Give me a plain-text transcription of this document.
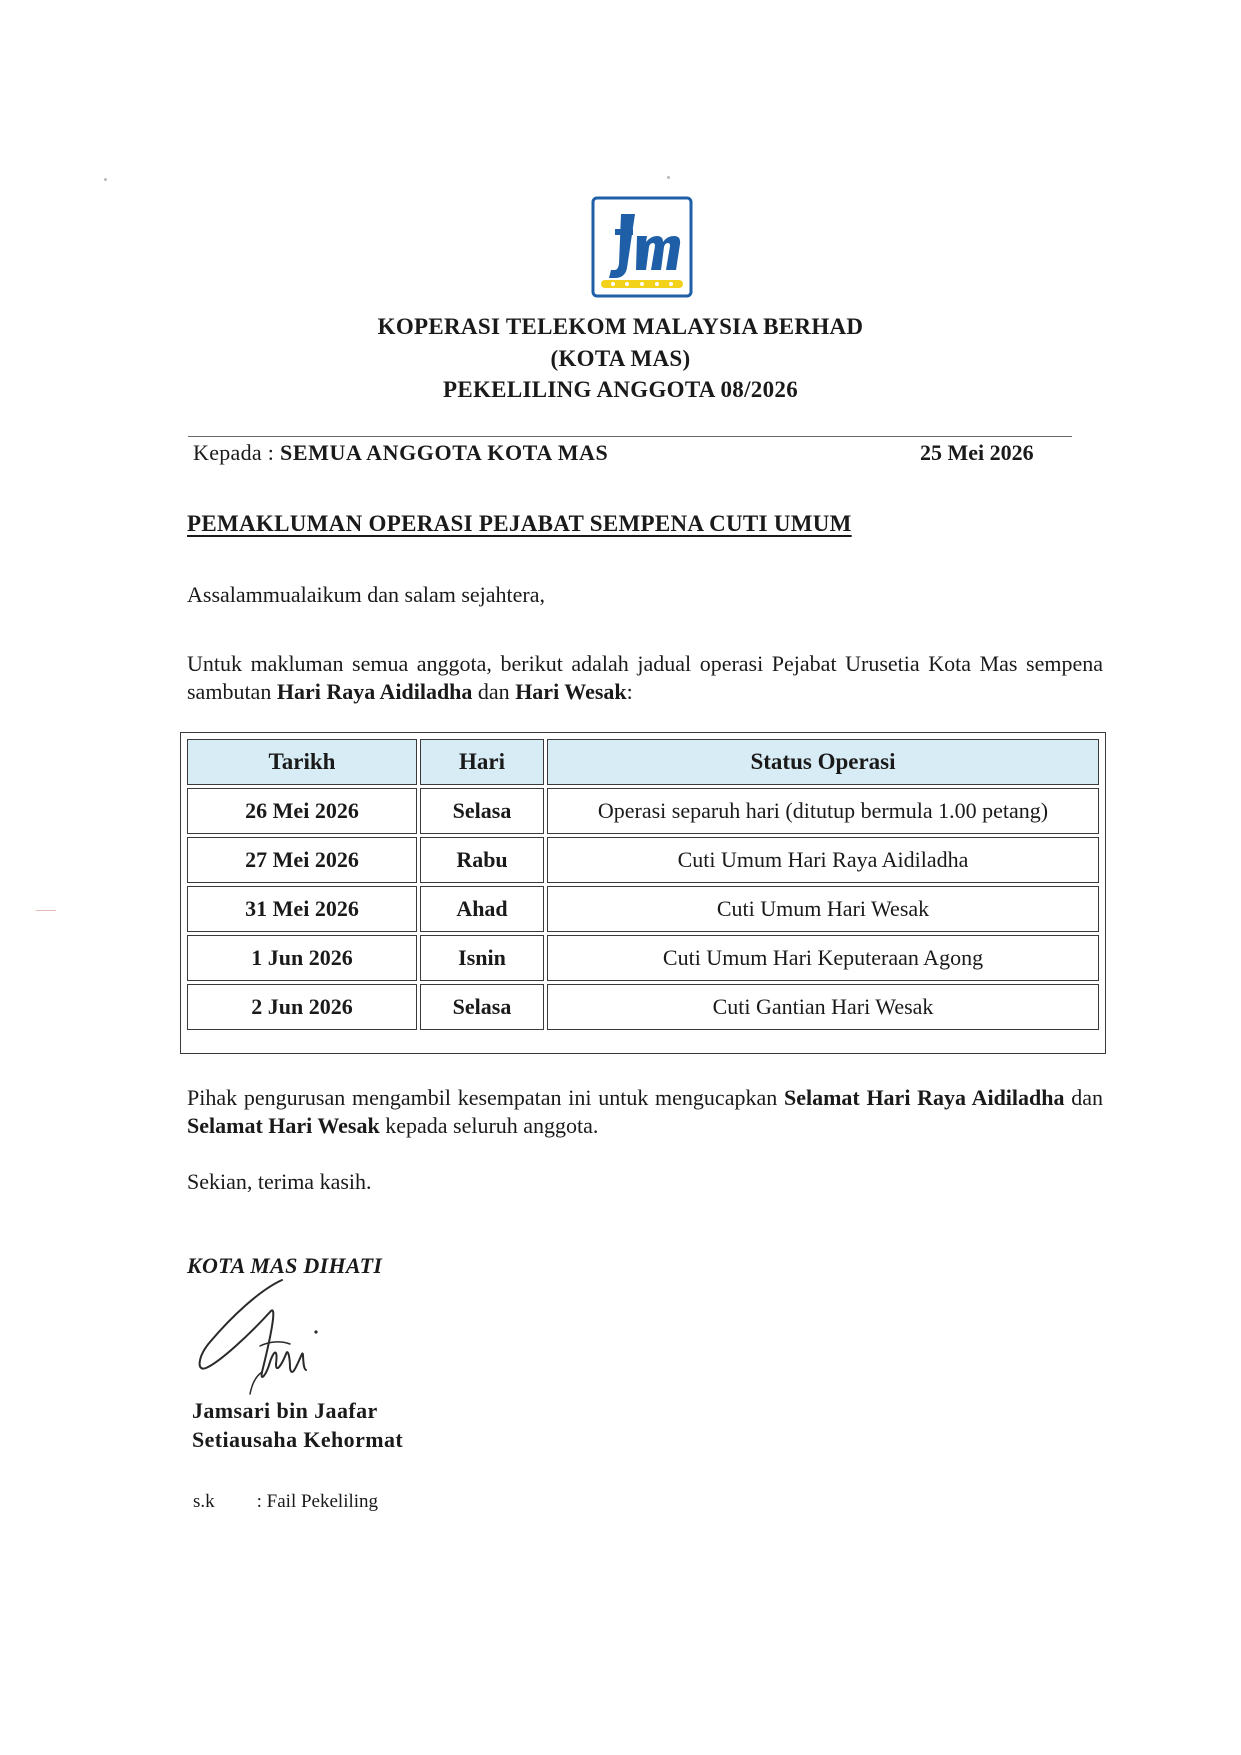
KOPERASI TELEKOM MALAYSIA BERHAD
(KOTA MAS)
PEKELILING ANGGOTA 08/2026
Kepada : SEMUA ANGGOTA KOTA MAS	25 Mei 2026
PEMAKLUMAN OPERASI PEJABAT SEMPENA CUTI UMUM
Assalammualaikum dan salam sejahtera,
Untuk makluman semua anggota, berikut adalah jadual operasi Pejabat Urusetia Kota Mas sempena sambutan Hari Raya Aidiladha dan Hari Wesak:
Tarikh	Hari	Status Operasi
26 Mei 2026	Selasa	Operasi separuh hari (ditutup bermula 1.00 petang)
27 Mei 2026	Rabu	Cuti Umum Hari Raya Aidiladha
31 Mei 2026	Ahad	Cuti Umum Hari Wesak
1 Jun 2026	Isnin	Cuti Umum Hari Keputeraan Agong
2 Jun 2026	Selasa	Cuti Gantian Hari Wesak
Pihak pengurusan mengambil kesempatan ini untuk mengucapkan Selamat Hari Raya Aidiladha dan Selamat Hari Wesak kepada seluruh anggota.
Sekian, terima kasih.
KOTA MAS DIHATI
Jamsari bin Jaafar
Setiausaha Kehormat
s.k : Fail Pekeliling
